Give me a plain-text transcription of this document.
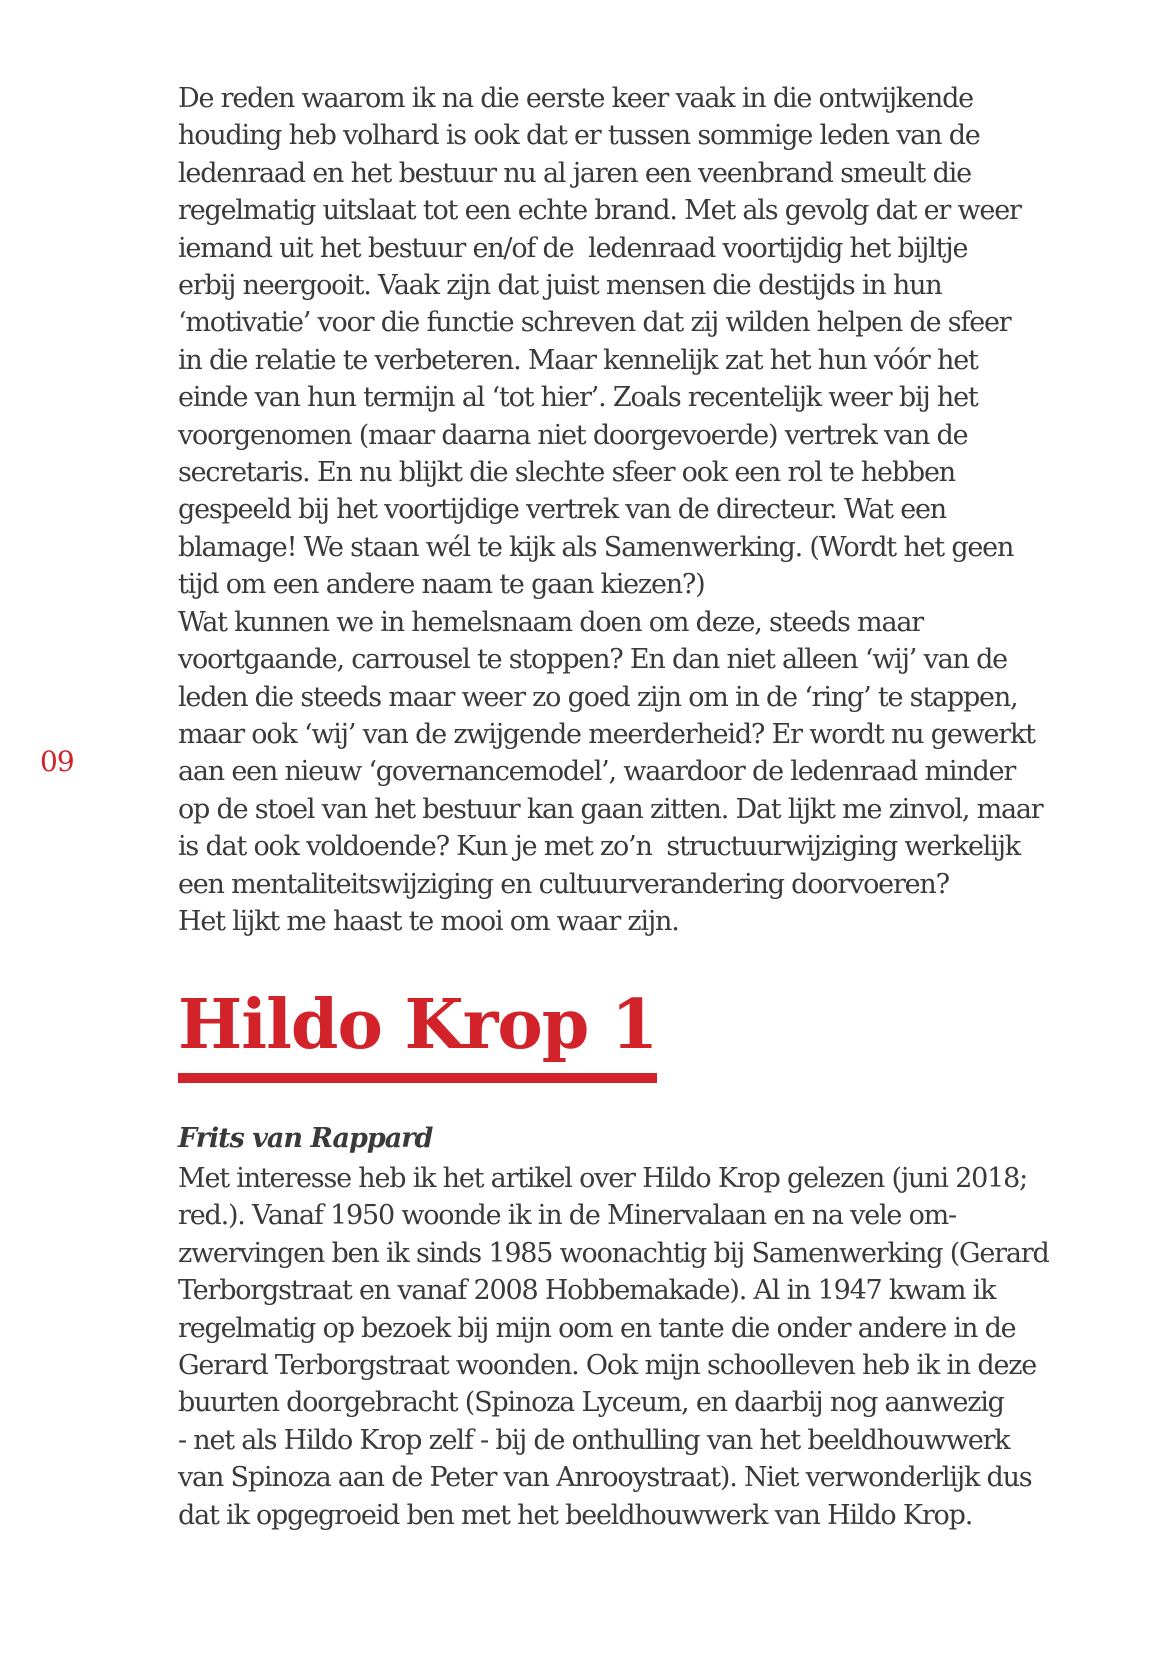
09
De reden waarom ik na die eerste keer vaak in die ontwijkende
houding heb volhard is ook dat er tussen sommige leden van de
ledenraad en het bestuur nu al jaren een veenbrand smeult die
regelmatig uitslaat tot een echte brand. Met als gevolg dat er weer
iemand uit het bestuur en/of de  ledenraad voortijdig het bijltje
erbij neergooit. Vaak zijn dat juist mensen die destijds in hun
‘motivatie’ voor die functie schreven dat zij wilden helpen de sfeer
in die relatie te verbeteren. Maar kennelijk zat het hun vóór het
einde van hun termijn al ‘tot hier’. Zoals recentelijk weer bij het
voorgenomen (maar daarna niet doorgevoerde) vertrek van de
secretaris. En nu blijkt die slechte sfeer ook een rol te hebben
gespeeld bij het voortijdige vertrek van de directeur. Wat een
blamage! We staan wél te kijk als Samenwerking. (Wordt het geen
tijd om een andere naam te gaan kiezen?)
Wat kunnen we in hemelsnaam doen om deze, steeds maar
voortgaande, carrousel te stoppen? En dan niet alleen ‘wij’ van de
leden die steeds maar weer zo goed zijn om in de ‘ring’ te stappen,
maar ook ‘wij’ van de zwijgende meerderheid? Er wordt nu gewerkt
aan een nieuw ‘governancemodel’, waardoor de ledenraad minder
op de stoel van het bestuur kan gaan zitten. Dat lijkt me zinvol, maar
is dat ook voldoende? Kun je met zo’n  structuurwijziging werkelijk
een mentaliteitswijziging en cultuurverandering doorvoeren?
Het lijkt me haast te mooi om waar zijn.
Hildo Krop 1
Frits van Rappard
Met interesse heb ik het artikel over Hildo Krop gelezen (juni 2018;
red.). Vanaf 1950 woonde ik in de Minervalaan en na vele om-
zwervingen ben ik sinds 1985 woonachtig bij Samenwerking (Gerard
Terborgstraat en vanaf 2008 Hobbemakade). Al in 1947 kwam ik
regelmatig op bezoek bij mijn oom en tante die onder andere in de
Gerard Terborgstraat woonden. Ook mijn schoolleven heb ik in deze
buurten doorgebracht (Spinoza Lyceum, en daarbij nog aanwezig
- net als Hildo Krop zelf - bij de onthulling van het beeldhouwwerk
van Spinoza aan de Peter van Anrooystraat). Niet verwonderlijk dus
dat ik opgegroeid ben met het beeldhouwwerk van Hildo Krop.
